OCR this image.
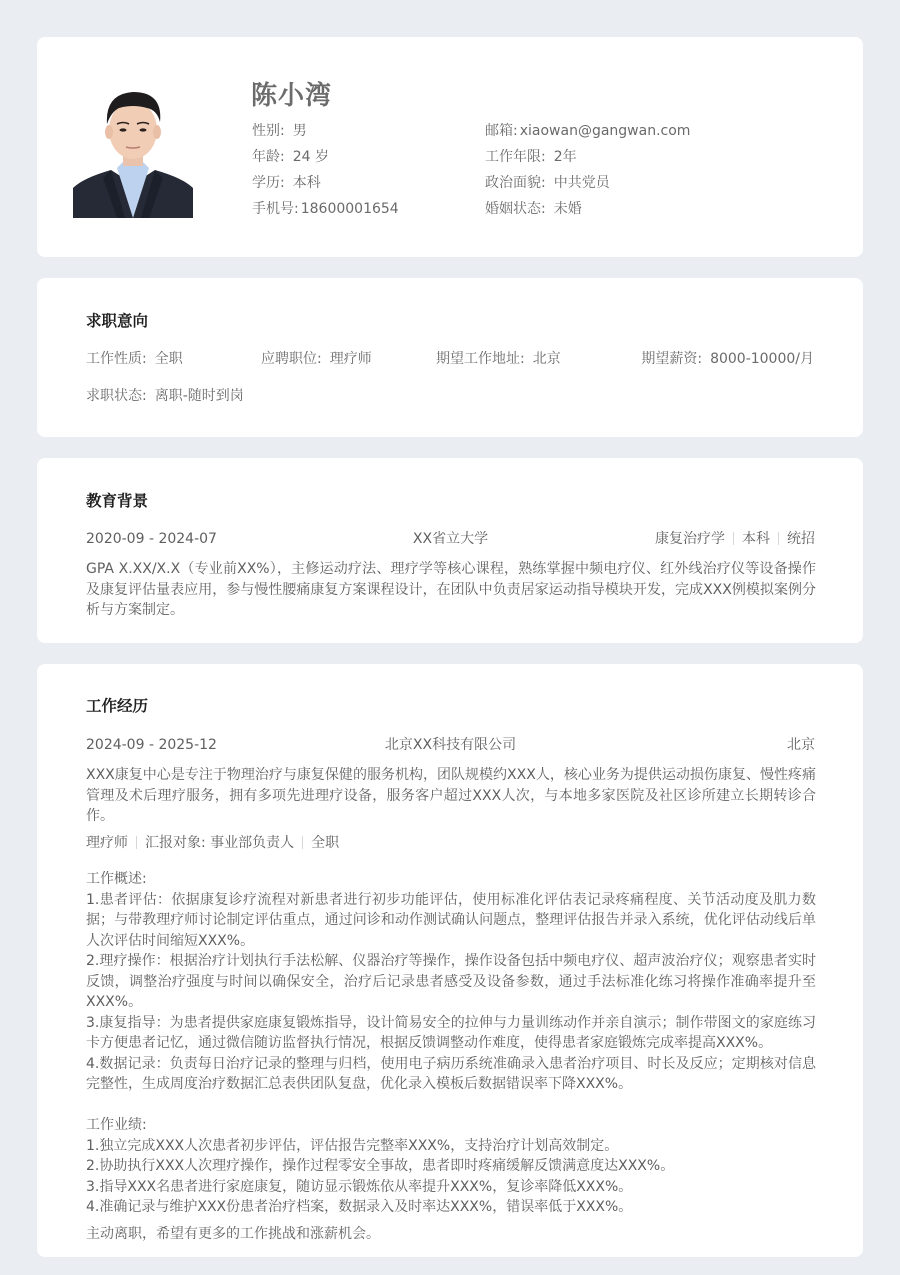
陈小湾
性别: 男
年龄: 24 岁
学历: 本科
手机号: 18600001654
邮箱: xiaowan@gangwan.com
工作年限: 2年
政治面貌: 中共党员
婚姻状态: 未婚
求职意向
工作性质: 全职	应聘职位: 理疗师	期望工作地址: 北京	期望薪资: 8000-10000/月
求职状态: 离职-随时到岗
教育背景
2020-09 - 2024-07	XX省立大学	康复治疗学 本科 统招

GPA X.XX/X.X（专业前XX%），主修运动疗法、理疗学等核心课程，熟练掌握中频电疗仪、红外线治疗仪等设备操作及康复评估量表应用，参与慢性腰痛康复方案课程设计，在团队中负责居家运动指导模块开发，完成XXX例模拟案例分析与方案制定。

工作经历
2024-09 - 2025-12	北京XX科技有限公司	北京

XXX康复中心是专注于物理治疗与康复保健的服务机构，团队规模约XXX人，核心业务为提供运动损伤康复、慢性疼痛管理及术后理疗服务，拥有多项先进理疗设备，服务客户超过XXX人次，与本地多家医院及社区诊所建立长期转诊合作。

理疗师 汇报对象: 事业部负责人 全职
工作概述:
1.患者评估：依据康复诊疗流程对新患者进行初步功能评估，使用标准化评估表记录疼痛程度、关节活动度及肌力数据；与带教理疗师讨论制定评估重点，通过问诊和动作测试确认问题点，整理评估报告并录入系统，优化评估动线后单人次评估时间缩短XXX%。
2.理疗操作：根据治疗计划执行手法松解、仪器治疗等操作，操作设备包括中频电疗仪、超声波治疗仪；观察患者实时反馈，调整治疗强度与时间以确保安全，治疗后记录患者感受及设备参数，通过手法标准化练习将操作准确率提升至XXX%。
3.康复指导：为患者提供家庭康复锻炼指导，设计简易安全的拉伸与力量训练动作并亲自演示；制作带图文的家庭练习卡方便患者记忆，通过微信随访监督执行情况，根据反馈调整动作难度，使得患者家庭锻炼完成率提高XXX%。
4.数据记录：负责每日治疗记录的整理与归档，使用电子病历系统准确录入患者治疗项目、时长及反应；定期核对信息完整性，生成周度治疗数据汇总表供团队复盘，优化录入模板后数据错误率下降XXX%。
工作业绩:
1.独立完成XXX人次患者初步评估，评估报告完整率XXX%，支持治疗计划高效制定。
2.协助执行XXX人次理疗操作，操作过程零安全事故，患者即时疼痛缓解反馈满意度达XXX%。
3.指导XXX名患者进行家庭康复，随访显示锻炼依从率提升XXX%，复诊率降低XXX%。
4.准确记录与维护XXX份患者治疗档案，数据录入及时率达XXX%，错误率低于XXX%。
主动离职，希望有更多的工作挑战和涨薪机会。
